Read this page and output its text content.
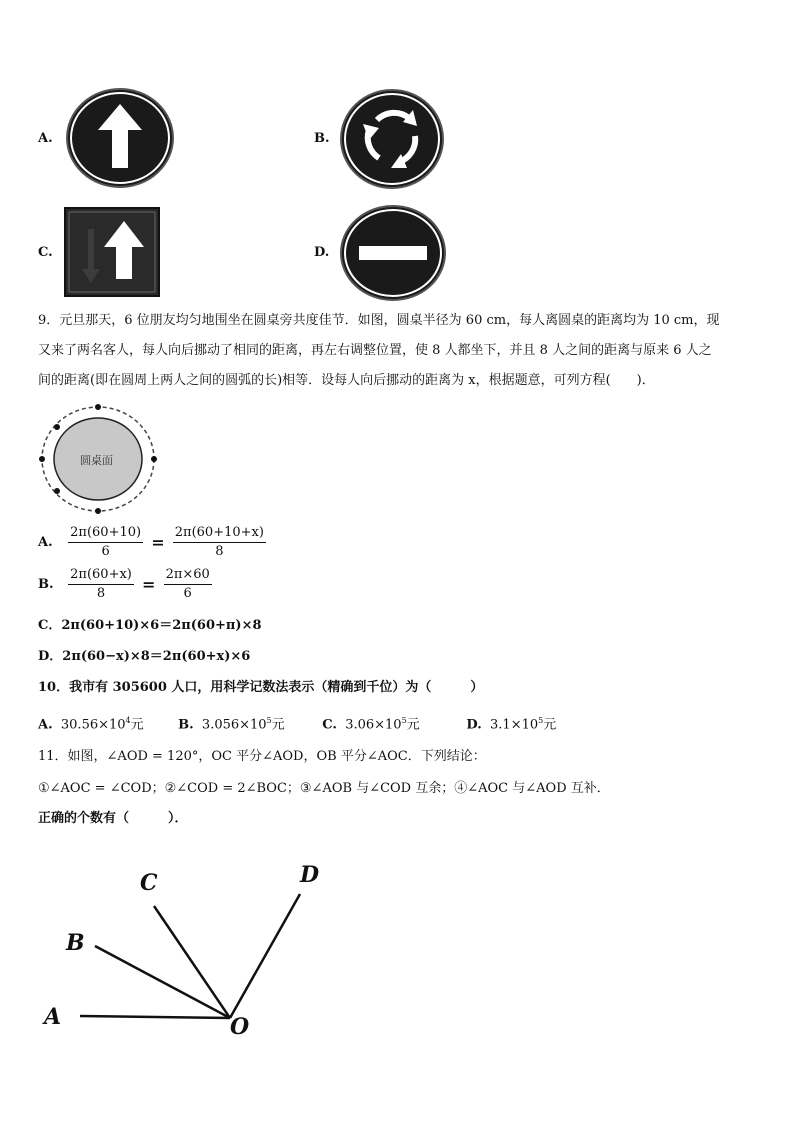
A.	B.
C.	D.
9．元旦那天，6 位朋友均匀地围坐在圆桌旁共度佳节．如图，圆桌半径为 60 cm，每人离圆桌的距离均为 10 cm，现
又来了两名客人，每人向后挪动了相同的距离，再左右调整位置，使 8 人都坐下，并且 8 人之间的距离与原来 6 人之
间的距离(即在圆周上两人之间的圆弧的长)相等．设每人向后挪动的距离为 x，根据题意，可列方程(　　)．
圆桌面
A. $\frac{2\pi(60+10)}{6} = \frac{2\pi(60+10+x)}{8}$
B. $\frac{2\pi(60+x)}{8} = \frac{2\pi\times 60}{6}$
C．2π(60+10)×6＝2π(60+π)×8
D．2π(60−x)×8＝2π(60+x)×6
10．我市有 305600 人口，用科学记数法表示（精确到千位）为（　　　）
A. $30.56\times 10^4$元	B. $3.056\times 10^5$元	C. $3.06\times 10^5$元	D. $3.1\times 10^5$元
11．如图，∠AOD = 120°，OC 平分∠AOD，OB 平分∠AOC．下列结论：
①∠AOC = ∠COD；②∠COD = 2∠BOC；③∠AOB 与∠COD 互余；④∠AOC 与∠AOD 互补．
正确的个数有（　　　）．
A
B
C	D
O
